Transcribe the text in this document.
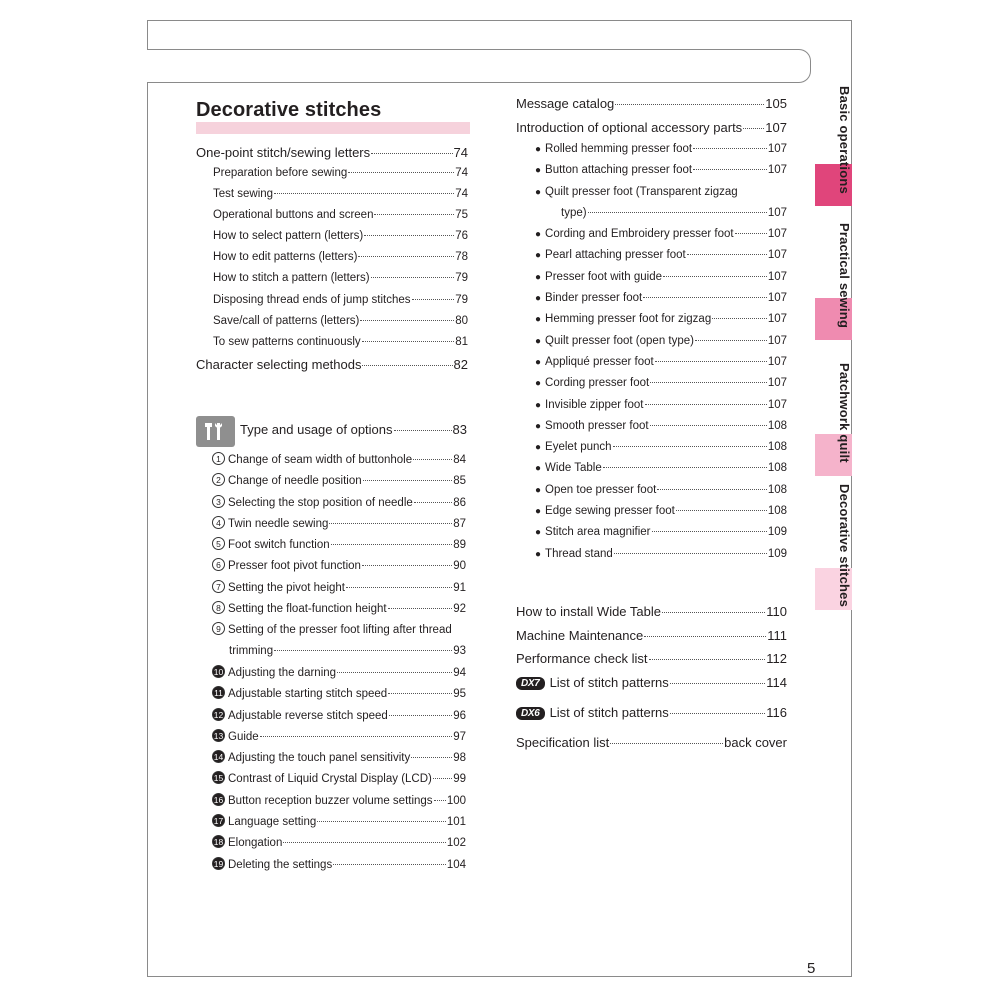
Decorative stitches
One-point stitch/sewing letters	74
Preparation before sewing	74
Test sewing	74
Operational buttons and screen	75
How to select pattern (letters)	76
How to edit patterns (letters)	78
How to stitch a pattern (letters)	79
Disposing thread ends of jump stitches	79
Save/call of patterns (letters)	80
To sew patterns continuously	81
Character selecting methods	82
Type and usage of options	83
1 Change of seam width of buttonhole	84
2 Change of needle position	85
3 Selecting the stop position of needle	86
4 Twin needle sewing	87
5 Foot switch function	89
6 Presser foot pivot function	90
7 Setting the pivot height	91
8 Setting the float-function height	92
9 Setting of the presser foot lifting after thread
trimming	93
10 Adjusting the darning	94
11 Adjustable starting stitch speed	95
12 Adjustable reverse stitch speed	96
13 Guide	97
14 Adjusting the touch panel sensitivity	98
15 Contrast of Liquid Crystal Display (LCD) 99
16 Button reception buzzer volume settings 100
17 Language setting	101
18 Elongation	102
19 Deleting the settings	104
Message catalog	105
Introduction of optional accessory parts 107
● Rolled hemming presser foot	107
● Button attaching presser foot	107
● Quilt presser foot (Transparent zigzag
type)	107
● Cording and Embroidery presser foot	107
● Pearl attaching presser foot	107
● Presser foot with guide	107
● Binder presser foot	107
● Hemming presser foot for zigzag	107
● Quilt presser foot (open type)	107
● Appliqué presser foot	107
● Cording presser foot	107
● Invisible zipper foot	107
● Smooth presser foot	108
● Eyelet punch	108
● Wide Table	108
● Open toe presser foot	108
● Edge sewing presser foot	108
● Stitch area magnifier	109
● Thread stand	109
How to install Wide Table	110
Machine Maintenance	111
Performance check list	112
DX7 List of stitch patterns	114
DX6 List of stitch patterns	116
Specification list	back cover
Basic operations
Practical sewing
Patchwork quilt
Decorative stitches
5
